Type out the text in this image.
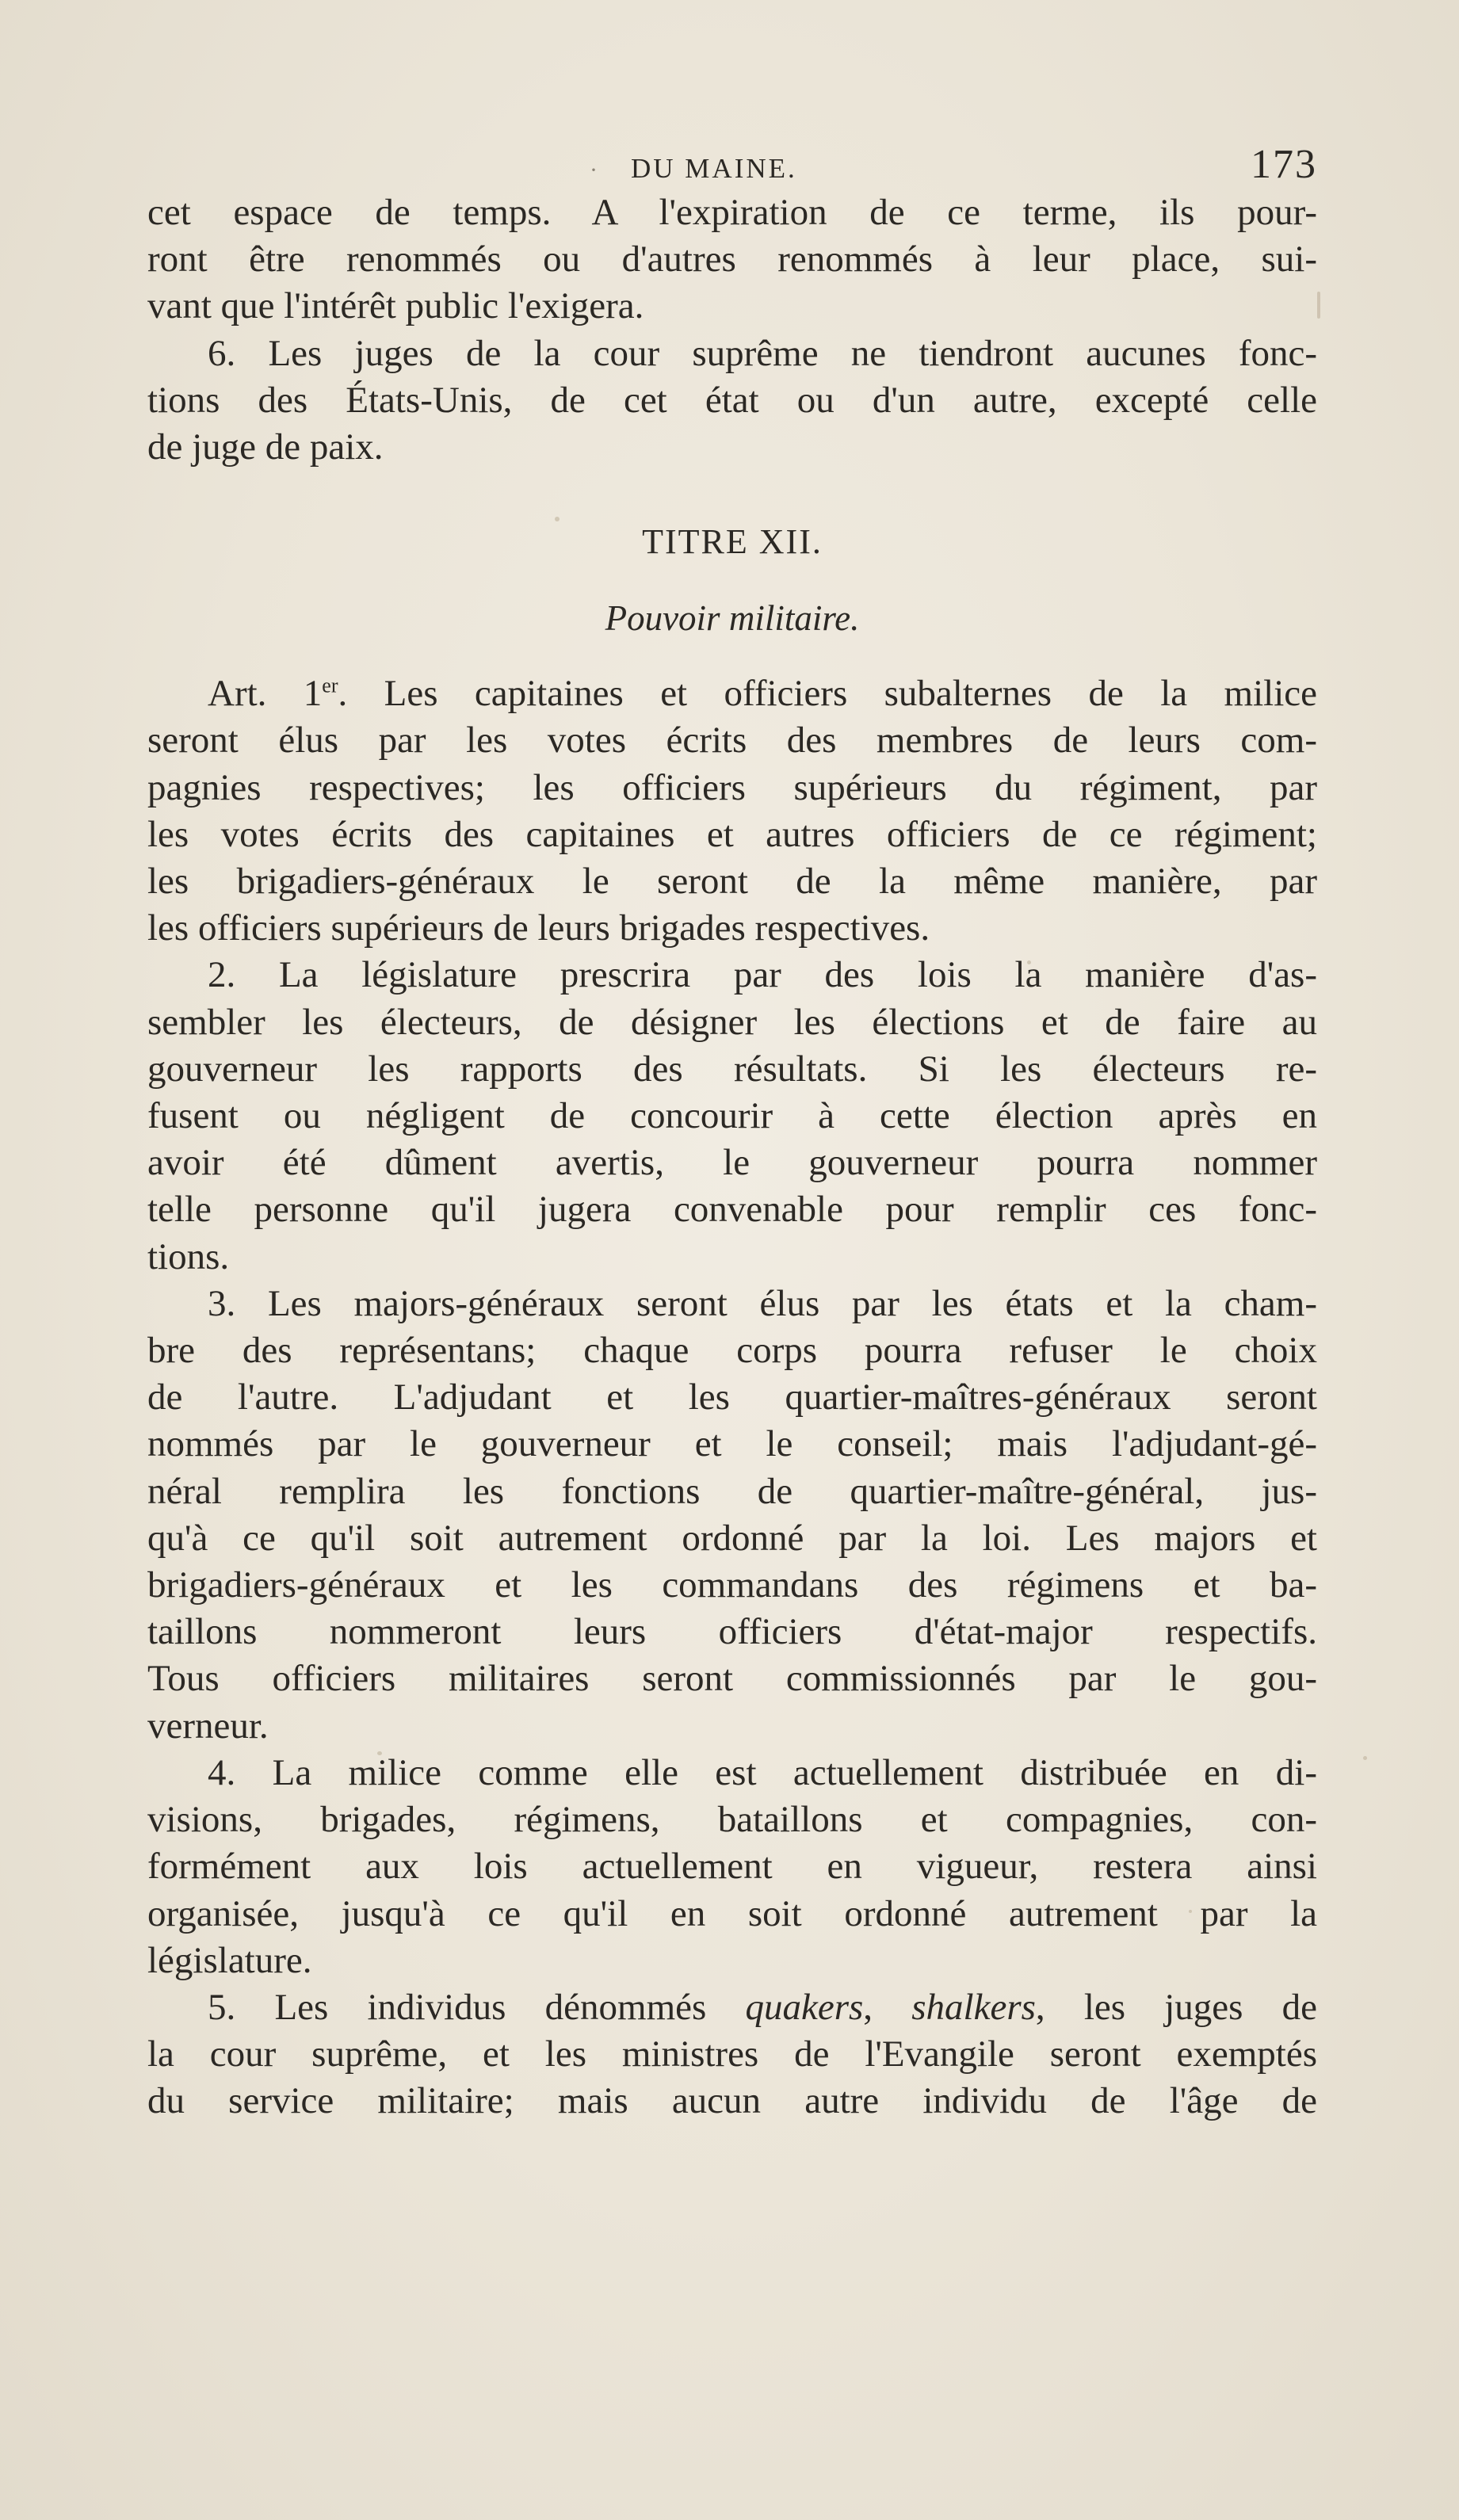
· DU MAINE.	173

cet espace de temps. A l'expiration de ce terme, ils pour-
ront être renommés ou d'autres renommés à leur place, sui-
vant que l'intérêt public l'exigera.

6. Les juges de la cour suprême ne tiendront aucunes fonc-
tions des États-Unis, de cet état ou d'un autre, excepté celle
de juge de paix.

TITRE XII.
Pouvoir militaire.

Art. 1er. Les capitaines et officiers subalternes de la milice
seront élus par les votes écrits des membres de leurs com-
pagnies respectives; les officiers supérieurs du régiment, par
les votes écrits des capitaines et autres officiers de ce régiment;
les brigadiers-généraux le seront de la même manière, par
les officiers supérieurs de leurs brigades respectives.

2. La législature prescrira par des lois la manière d'as-
sembler les électeurs, de désigner les élections et de faire au
gouverneur les rapports des résultats. Si les électeurs re-
fusent ou négligent de concourir à cette élection après en
avoir été dûment avertis, le gouverneur pourra nommer
telle personne qu'il jugera convenable pour remplir ces fonc-
tions.

3. Les majors-généraux seront élus par les états et la cham-
bre des représentans; chaque corps pourra refuser le choix
de l'autre. L'adjudant et les quartier-maîtres-généraux seront
nommés par le gouverneur et le conseil; mais l'adjudant-gé-
néral remplira les fonctions de quartier-maître-général, jus-
qu'à ce qu'il soit autrement ordonné par la loi. Les majors et
brigadiers-généraux et les commandans des régimens et ba-
taillons nommeront leurs officiers d'état-major respectifs.
Tous officiers militaires seront commissionnés par le gou-
verneur.

4. La milice comme elle est actuellement distribuée en di-
visions, brigades, régimens, bataillons et compagnies, con-
formément aux lois actuellement en vigueur, restera ainsi
organisée, jusqu'à ce qu'il en soit ordonné autrement par la
législature.

5. Les individus dénommés quakers, shalkers, les juges de
la cour suprême, et les ministres de l'Evangile seront exemptés
du service militaire; mais aucun autre individu de l'âge de
